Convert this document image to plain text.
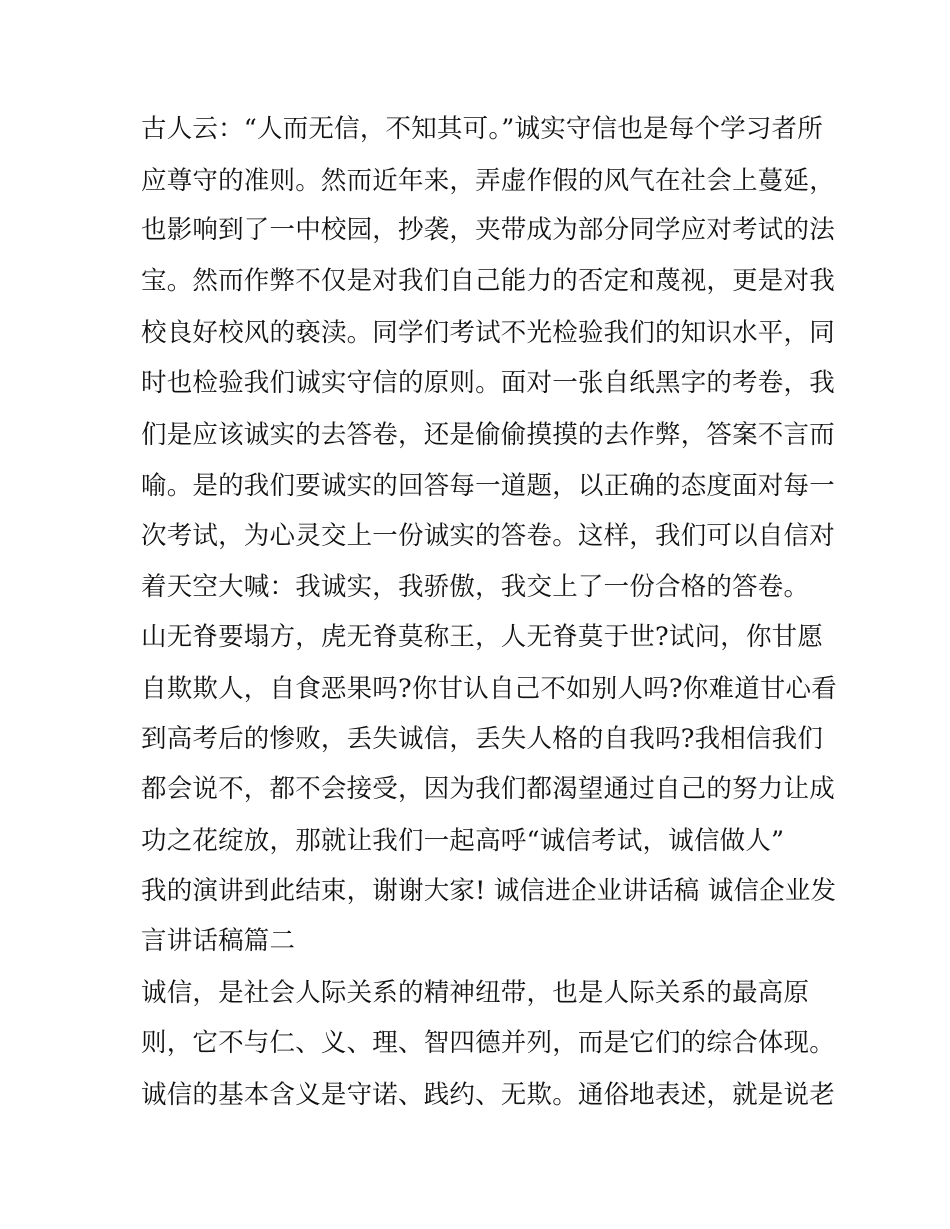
古人云：“人而无信，不知其可。”诚实守信也是每个学习者所
应尊守的准则。然而近年来，弄虚作假的风气在社会上蔓延，
也影响到了一中校园，抄袭，夹带成为部分同学应对考试的法
宝。然而作弊不仅是对我们自己能力的否定和蔑视，更是对我
校良好校风的亵渎。同学们考试不光检验我们的知识水平，同
时也检验我们诚实守信的原则。面对一张自纸黑字的考卷，我
们是应该诚实的去答卷，还是偷偷摸摸的去作弊，答案不言而
喻。是的我们要诚实的回答每一道题，以正确的态度面对每一
次考试，为心灵交上一份诚实的答卷。这样，我们可以自信对
着天空大喊：我诚实，我骄傲，我交上了一份合格的答卷。
山无脊要塌方，虎无脊莫称王，人无脊莫于世?试问，你甘愿
自欺欺人，自食恶果吗?你甘认自己不如别人吗?你难道甘心看
到高考后的惨败，丢失诚信，丢失人格的自我吗?我相信我们
都会说不，都不会接受，因为我们都渴望通过自己的努力让成
功之花绽放，那就让我们一起高呼“诚信考试，诚信做人”
我的演讲到此结束，谢谢大家! 诚信进企业讲话稿 诚信企业发
言讲话稿篇二
诚信，是社会人际关系的精神纽带，也是人际关系的最高原
则，它不与仁、义、理、智四德并列，而是它们的综合体现。
诚信的基本含义是守诺、践约、无欺。通俗地表述，就是说老
